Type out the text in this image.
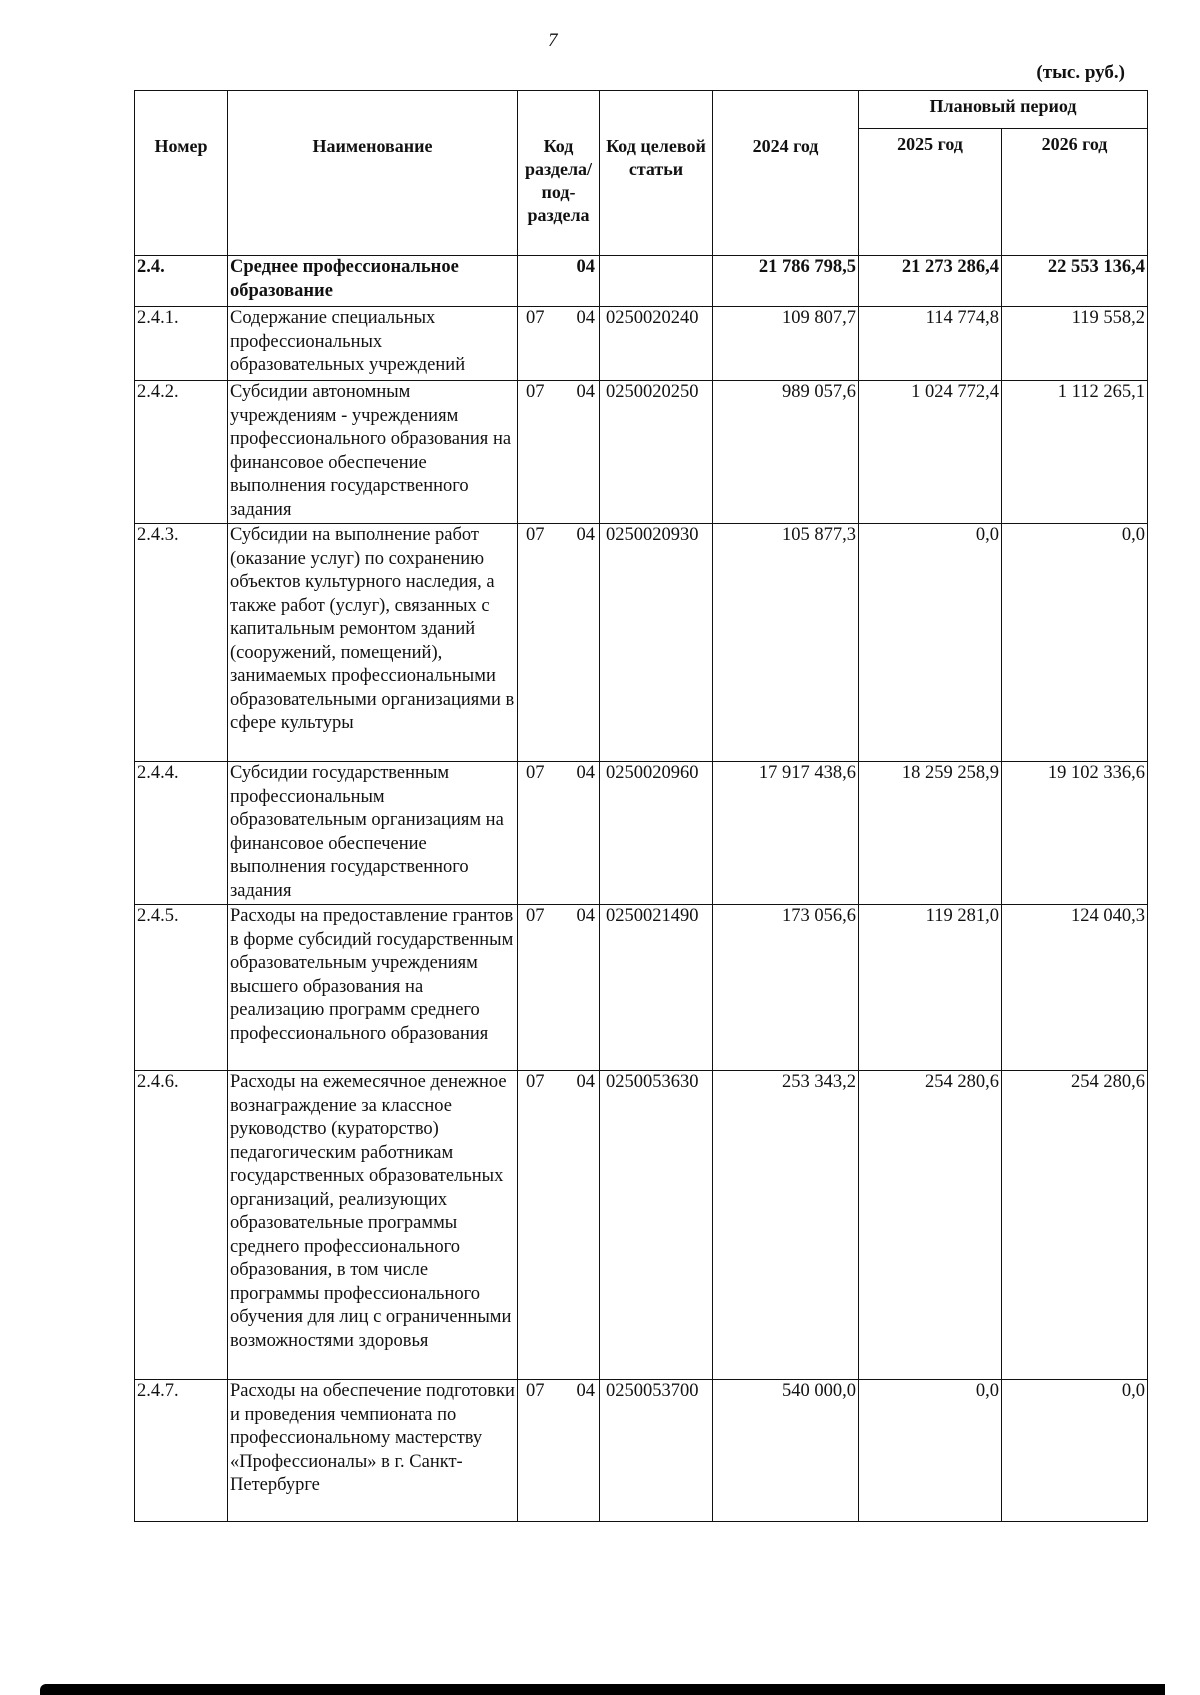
7
(тыс. руб.)
Номер	Наименование	Код раздела/ под- раздела	Код целевой статьи	2024 год	Плановый период	
					2025 год	2026 год
2.4.	Среднее профессиональное образование	04		21 786 798,5	21 273 286,4	22 553 136,4
2.4.1.	Содержание специальных профессиональных образовательных учреждений	07 04	0250020240	109 807,7	114 774,8	119 558,2
2.4.2.	Субсидии автономным учреждениям - учреждениям профессионального образования на финансовое обеспечение выполнения государственного задания	07 04	0250020250	989 057,6	1 024 772,4	1 112 265,1
2.4.3.	Субсидии на выполнение работ (оказание услуг) по сохранению объектов культурного наследия, а также работ (услуг), связанных с капитальным ремонтом зданий (сооружений, помещений), занимаемых профессиональными образовательными организациями в сфере культуры	07 04	0250020930	105 877,3	0,0	0,0
2.4.4.	Субсидии государственным профессиональным образовательным организациям на финансовое обеспечение выполнения государственного задания	07 04	0250020960	17 917 438,6	18 259 258,9	19 102 336,6
2.4.5.	Расходы на предоставление грантов в форме субсидий государственным образовательным учреждениям высшего образования на реализацию программ среднего профессионального образования	07 04	0250021490	173 056,6	119 281,0	124 040,3
2.4.6.	Расходы на ежемесячное денежное вознаграждение за классное руководство (кураторство) педагогическим работникам государственных образовательных организаций, реализующих образовательные программы среднего профессионального образования, в том числе программы профессионального обучения для лиц с ограниченными возможностями здоровья	07 04	0250053630	253 343,2	254 280,6	254 280,6
2.4.7.	Расходы на обеспечение подготовки и проведения чемпионата по профессиональному мастерству «Профессионалы» в г. Санкт-Петербурге	07 04	0250053700	540 000,0	0,0	0,0
